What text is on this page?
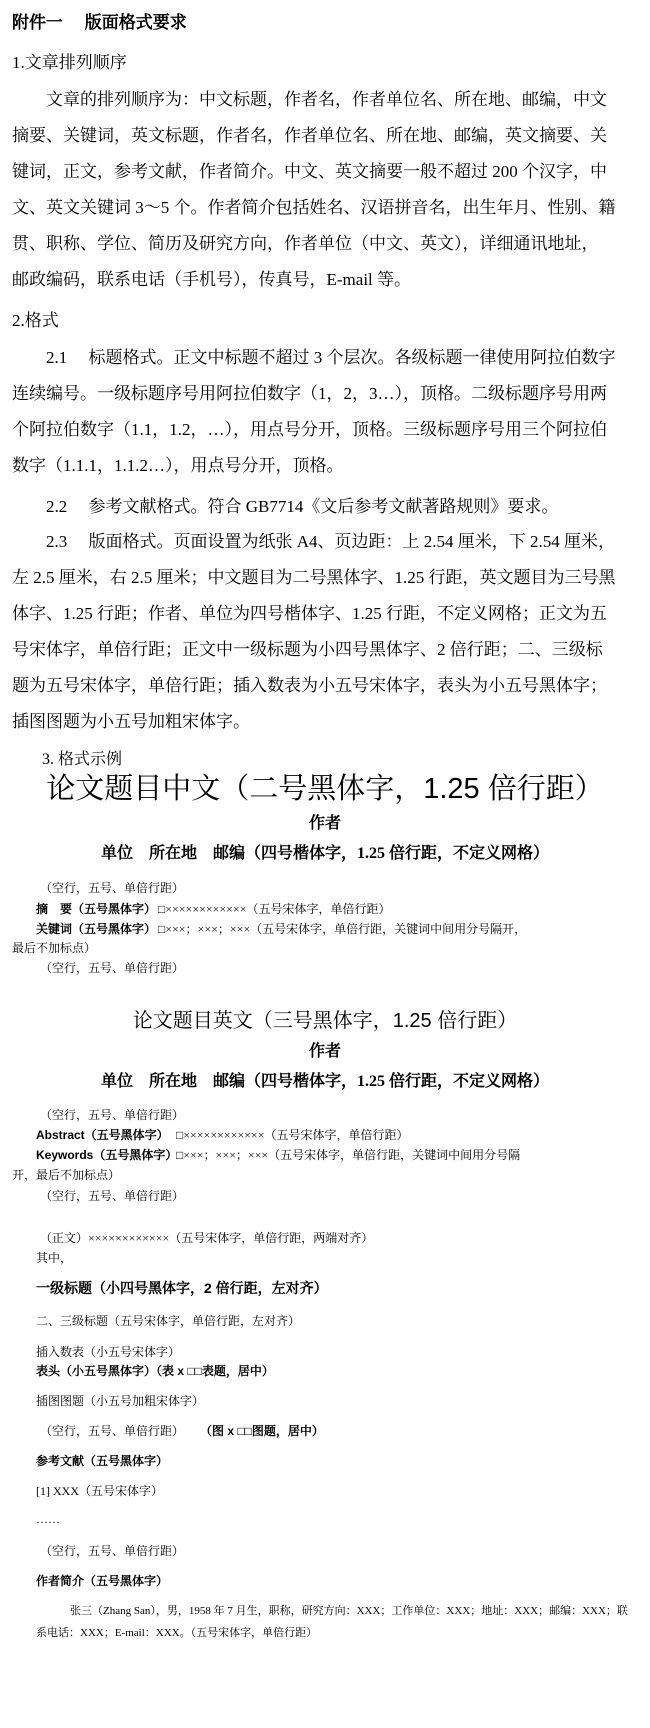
附件一　 版面格式要求
1.文章排列顺序
文章的排列顺序为：中文标题，作者名，作者单位名、所在地、邮编，中文
摘要、关键词，英文标题，作者名，作者单位名、所在地、邮编，英文摘要、关
键词，正文，参考文献，作者简介。中文、英文摘要一般不超过 200 个汉字，中
文、英文关键词 3～5 个。作者简介包括姓名、汉语拼音名，出生年月、性别、籍
贯、职称、学位、简历及研究方向，作者单位（中文、英文），详细通讯地址，
邮政编码，联系电话（手机号），传真号，E-mail 等。
2.格式
2.1　 标题格式。正文中标题不超过 3 个层次。各级标题一律使用阿拉伯数字
连续编号。一级标题序号用阿拉伯数字（1，2，3…），顶格。二级标题序号用两
个阿拉伯数字（1.1，1.2，…），用点号分开，顶格。三级标题序号用三个阿拉伯
数字（1.1.1，1.1.2…），用点号分开，顶格。
2.2　 参考文献格式。符合 GB7714《文后参考文献著路规则》要求。
2.3　 版面格式。页面设置为纸张 A4、页边距：上 2.54 厘米，下 2.54 厘米，
左 2.5 厘米，右 2.5 厘米；中文题目为二号黑体字、1.25 行距，英文题目为三号黑
体字、1.25 行距；作者、单位为四号楷体字、1.25 行距，不定义网格；正文为五
号宋体字，单倍行距；正文中一级标题为小四号黑体字、2 倍行距；二、三级标
题为五号宋体字，单倍行距；插入数表为小五号宋体字，表头为小五号黑体字；
插图图题为小五号加粗宋体字。
3. 格式示例
论文题目中文（二号黑体字，1.25 倍行距）
作者
单位　所在地　邮编（四号楷体字，1.25 倍行距，不定义网格）
（空行，五号、单倍行距）
摘　要（五号黑体字） □××××××××××××（五号宋体字，单倍行距）
关键词（五号黑体字） □×××；×××；×××（五号宋体字，单倍行距，关键词中间用分号隔开，
最后不加标点）
（空行，五号、单倍行距）
论文题目英文（三号黑体字，1.25 倍行距）
作者
单位　所在地　邮编（四号楷体字，1.25 倍行距，不定义网格）
（空行，五号、单倍行距）
Abstract（五号黑体字） □××××××××××××（五号宋体字，单倍行距）
Keywords（五号黑体字）
□×××；×××；×××（五号宋体字，单倍行距，关键词中间用分号隔
开，最后不加标点）
（空行，五号、单倍行距）
（正文）××××××××××××（五号宋体字，单倍行距，两端对齐）
其中，
一级标题（小四号黑体字，2 倍行距，左对齐）
二、三级标题（五号宋体字，单倍行距，左对齐）
插入数表（小五号宋体字）
表头（小五号黑体字）（表 x □□表题，居中）
插图图题（小五号加粗宋体字）
（空行，五号、单倍行距） （图 x □□图题，居中）
参考文献（五号黑体字）
[1] XXX（五号宋体字）
……
（空行，五号、单倍行距）
作者简介（五号黑体字）
张三（Zhang San），男，1958 年 7 月生，职称，研究方向：XXX；工作单位：XXX；地址：XXX；邮编：XXX；联
系电话：XXX；E-mail：XXX。（五号宋体字，单倍行距）
